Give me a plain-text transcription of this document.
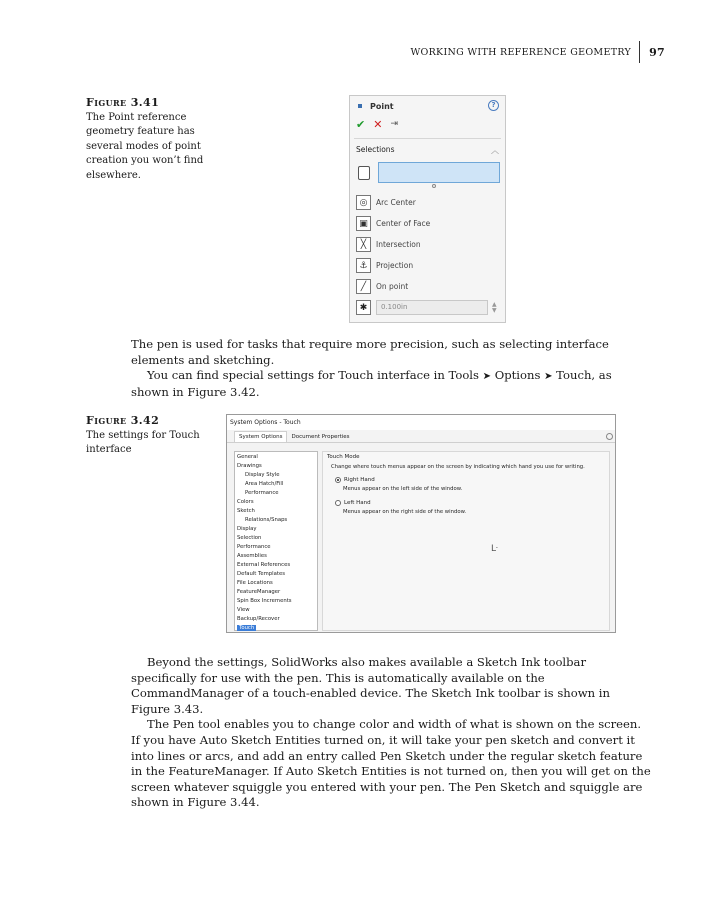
WORKING WITH REFERENCE GEOMETRY	97
Figure 3.41
The Point reference geometry feature has several modes of point creation you won’t find elsewhere.
Point	?
✔ ✕ ⇥
Selections	︿
◎	Arc Center
▣	Center of Face
╳	Intersection
⚓	Projection
╱	On point
✱	0.100in	▲
▼

The pen is used for tasks that require more precision, such as selecting interface elements and sketching.

You can find special settings for Touch interface in Tools ➤ Options ➤ Touch, as shown in Figure 3.42.

Figure 3.42
The settings for Touch interface
System Options - Touch
System Options	Document Properties
General
Drawings
Display Style
Area Hatch/Fill
Performance
Colors
Sketch
Relations/Snaps
Display
Selection
Performance
Assemblies
External References
Default Templates
File Locations
FeatureManager
Spin Box Increments
View
Backup/Recover
Touch
Touch Mode
Change where touch menus appear on the screen by indicating which hand you use for writing.
Right Hand
Menus appear on the left side of the window.
Left Hand
Menus appear on the right side of the window.
ᒷ

Beyond the settings, SolidWorks also makes available a Sketch Ink toolbar specifically for use with the pen. This is automatically available on the CommandManager of a touch-enabled device. The Sketch Ink toolbar is shown in Figure 3.43.

The Pen tool enables you to change color and width of what is shown on the screen. If you have Auto Sketch Entities turned on, it will take your pen sketch and convert it into lines or arcs, and add an entry called Pen Sketch under the regular sketch feature in the FeatureManager. If Auto Sketch Entities is not turned on, then you will get on the screen whatever squiggle you entered with your pen. The Pen Sketch and squiggle are shown in Figure 3.44.
